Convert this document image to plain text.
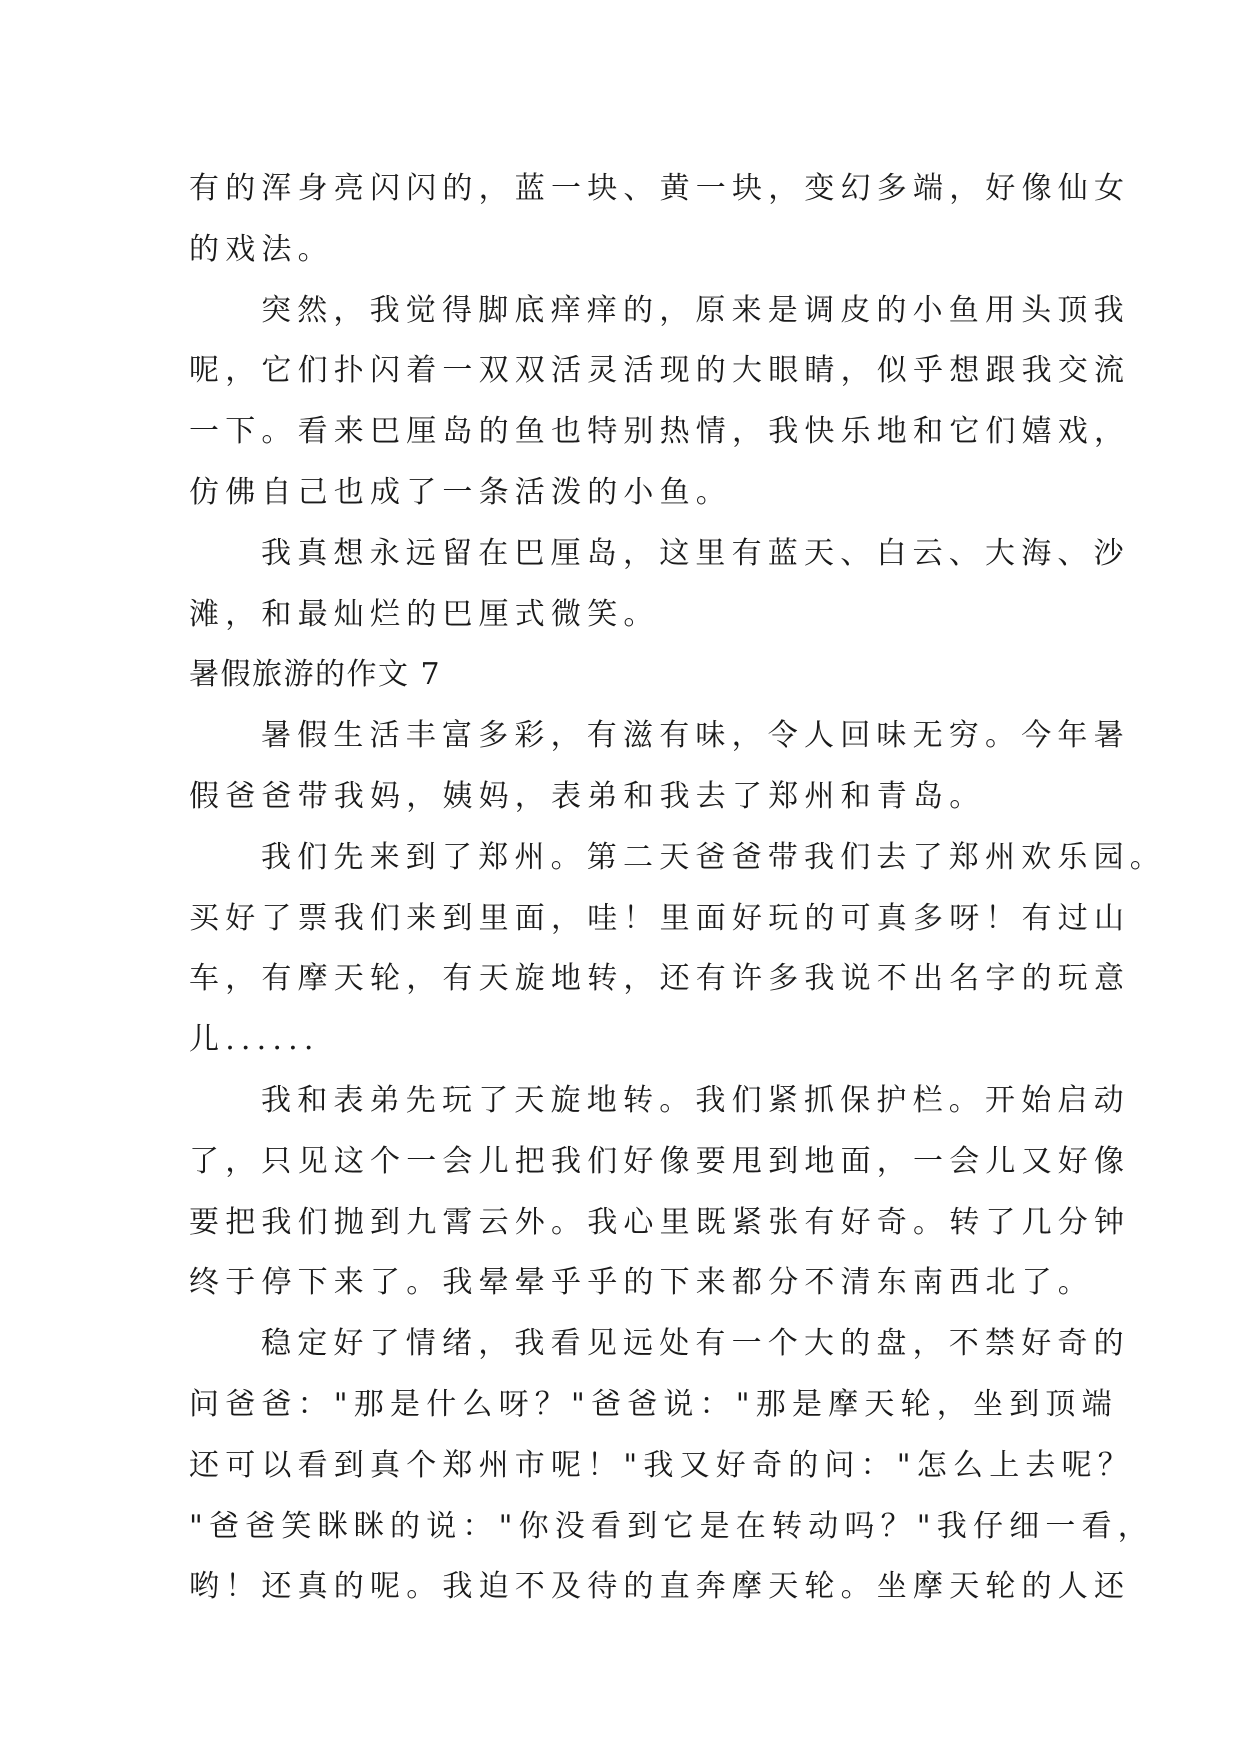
有的浑身亮闪闪的，蓝一块、黄一块，变幻多端，好像仙女
的戏法。
突然，我觉得脚底痒痒的，原来是调皮的小鱼用头顶我
呢，它们扑闪着一双双活灵活现的大眼睛，似乎想跟我交流
一下。看来巴厘岛的鱼也特别热情，我快乐地和它们嬉戏，
仿佛自己也成了一条活泼的小鱼。
我真想永远留在巴厘岛，这里有蓝天、白云、大海、沙
滩，和最灿烂的巴厘式微笑。
暑假旅游的作文 7
暑假生活丰富多彩，有滋有味，令人回味无穷。今年暑
假爸爸带我妈，姨妈，表弟和我去了郑州和青岛。
我们先来到了郑州。第二天爸爸带我们去了郑州欢乐园。
买好了票我们来到里面，哇！里面好玩的可真多呀！有过山
车，有摩天轮，有天旋地转，还有许多我说不出名字的玩意
儿......
我和表弟先玩了天旋地转。我们紧抓保护栏。开始启动
了，只见这个一会儿把我们好像要甩到地面，一会儿又好像
要把我们抛到九霄云外。我心里既紧张有好奇。转了几分钟
终于停下来了。我晕晕乎乎的下来都分不清东南西北了。
稳定好了情绪，我看见远处有一个大的盘，不禁好奇的
问爸爸："那是什么呀？"爸爸说："那是摩天轮，坐到顶端
还可以看到真个郑州市呢！"我又好奇的问："怎么上去呢？
"爸爸笑眯眯的说："你没看到它是在转动吗？"我仔细一看，
哟！还真的呢。我迫不及待的直奔摩天轮。坐摩天轮的人还
